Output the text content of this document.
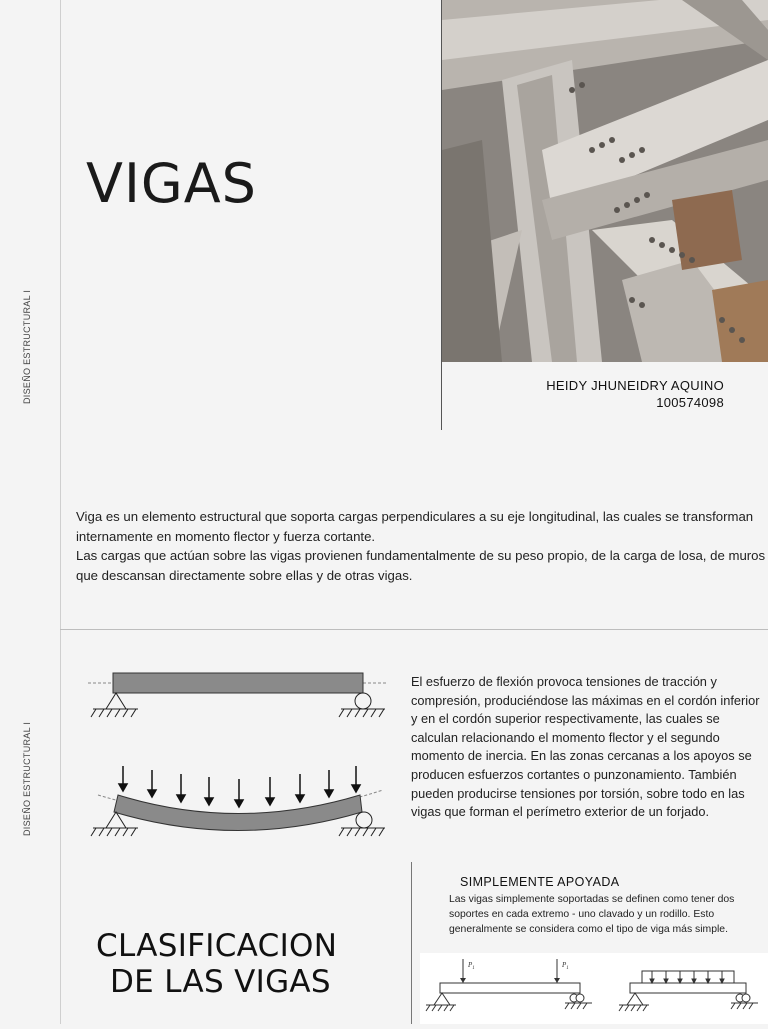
DISEÑO ESTRUCTURAL I
DISEÑO ESTRUCTURAL I
VIGAS
HEIDY JHUNEIDRY AQUINO
100574098
Viga es un elemento estructural que soporta cargas perpendiculares a su eje longitudinal, las cuales se transforman internamente en momento flector y fuerza cortante.
Las cargas que actúan sobre las vigas provienen fundamentalmente de su peso propio, de la carga de losa, de muros que descansan directamente sobre ellas y de otras vigas.
El esfuerzo de flexión provoca tensiones de tracción y compresión, produciéndose las máximas en el cordón inferior y en el cordón superior respectivamente, las cuales se calculan relacionando el momento flector y el segundo momento de inercia. En las zonas cercanas a los apoyos se producen esfuerzos cortantes o punzonamiento. También pueden producirse tensiones por torsión, sobre todo en las vigas que forman el perímetro exterior de un forjado.
SIMPLEMENTE APOYADA
Las vigas simplemente soportadas se definen como tener dos soportes en cada extremo - uno clavado y un rodillo. Esto generalmente se considera como el tipo de viga más simple.
$P_1$	$P_1$
CLASIFICACION
DE LAS VIGAS
